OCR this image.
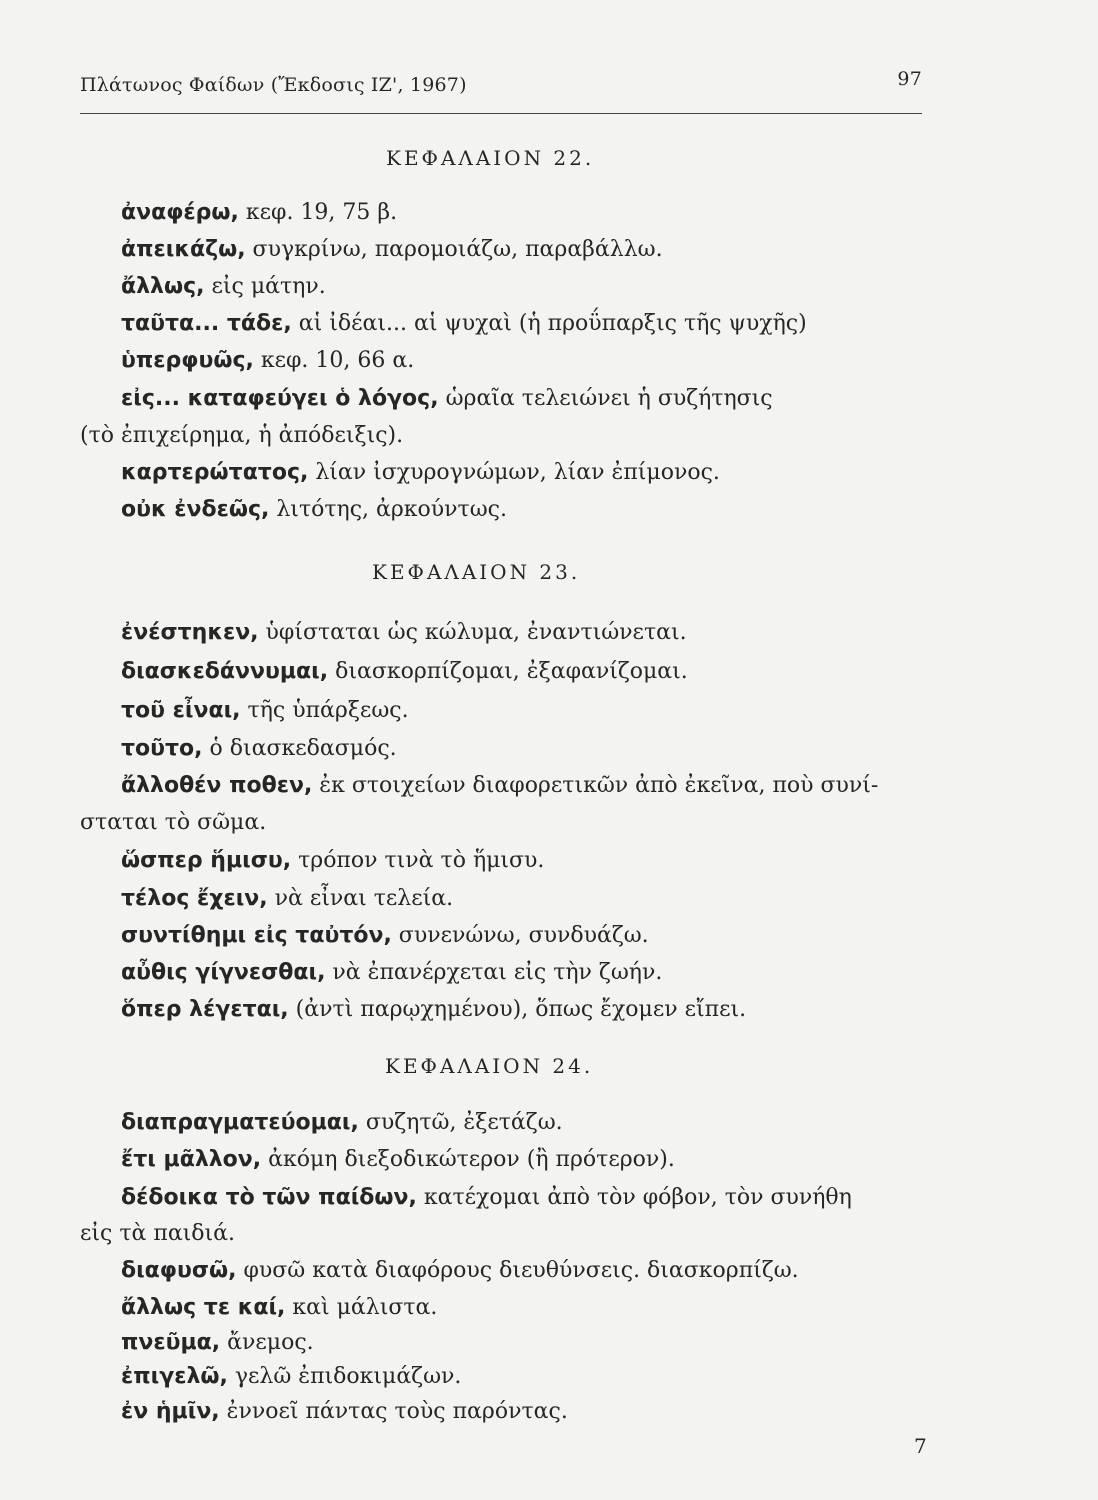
Πλάτωνος Φαίδων (Ἔκδοσις ΙΖ', 1967)	97
ΚΕΦΑΛΑΙΟΝ 22.
ἀναφέρω, κεφ. 19, 75 β.
ἀπεικάζω, συγκρίνω, παρομοιάζω, παραβάλλω.
ἄλλως, εἰς μάτην.
ταῦτα... τάδε, αἱ ἰδέαι... αἱ ψυχαὶ (ἡ προΰπαρξις τῆς ψυχῆς)
ὑπερφυῶς, κεφ. 10, 66 α.
εἰς... καταφεύγει ὁ λόγος, ὡραῖα τελειώνει ἡ συζήτησις
(τὸ ἐπιχείρημα, ἡ ἀπόδειξις).
καρτερώτατος, λίαν ἰσχυρογνώμων, λίαν ἐπίμονος.
οὐκ ἐνδεῶς, λιτότης, ἀρκούντως.
ΚΕΦΑΛΑΙΟΝ 23.
ἐνέστηκεν, ὑφίσταται ὡς κώλυμα, ἐναντιώνεται.
διασκεδάννυμαι, διασκορπίζομαι, ἐξαφανίζομαι.
τοῦ εἶναι, τῆς ὑπάρξεως.
τοῦτο, ὁ διασκεδασμός.
ἄλλοθέν ποθεν, ἐκ στοιχείων διαφορετικῶν ἀπὸ ἐκεῖνα, ποὺ συνί-
σταται τὸ σῶμα.
ὥσπερ ἥμισυ, τρόπον τινὰ τὸ ἥμισυ.
τέλος ἔχειν, νὰ εἶναι τελεία.
συντίθημι εἰς ταὐτόν, συνενώνω, συνδυάζω.
αὖθις γίγνεσθαι, νὰ ἐπανέρχεται εἰς τὴν ζωήν.
ὅπερ λέγεται, (ἀντὶ παρῳχημένου), ὅπως ἔχομεν εἴπει.
ΚΕΦΑΛΑΙΟΝ 24.
διαπραγματεύομαι, συζητῶ, ἐξετάζω.
ἔτι μᾶλλον, ἀκόμη διεξοδικώτερον (ἢ πρότερον).
δέδοικα τὸ τῶν παίδων, κατέχομαι ἀπὸ τὸν φόβον, τὸν συνήθη
εἰς τὰ παιδιά.
διαφυσῶ, φυσῶ κατὰ διαφόρους διευθύνσεις. διασκορπίζω.
ἄλλως τε καί, καὶ μάλιστα.
πνεῦμα, ἄνεμος.
ἐπιγελῶ, γελῶ ἐπιδοκιμάζων.
ἐν ἡμῖν, ἐννοεῖ πάντας τοὺς παρόντας.
7
